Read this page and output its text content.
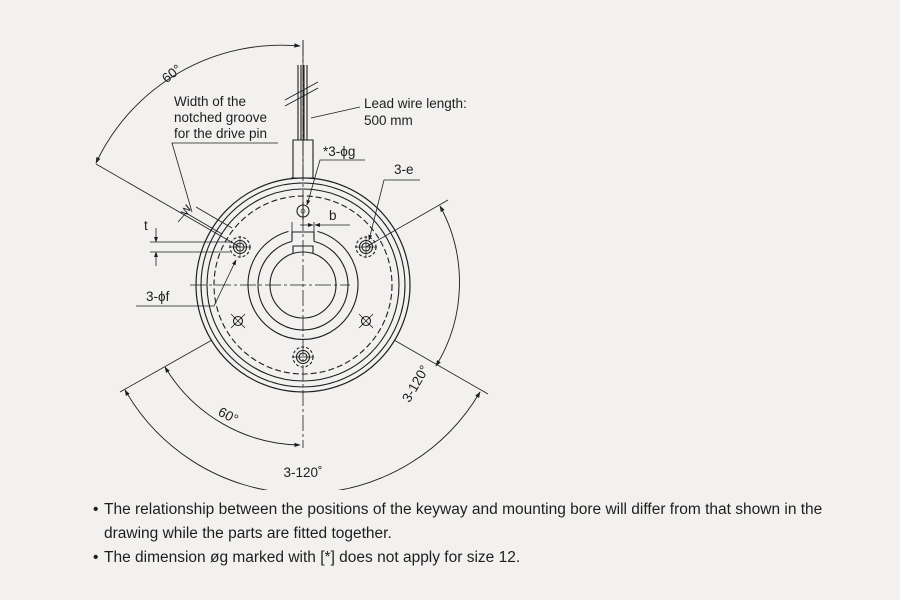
60°
60°
3-120°
3-120˚
Width of the
notched groove
for the drive pin
Lead wire length:
500 mm
*3-ϕg
3-e
3-ϕf
w
t
b
• The relationship between the positions of the keyway and mounting bore will differ from that shown in the drawing while the parts are fitted together.
• The dimension øg marked with [*] does not apply for size 12.
